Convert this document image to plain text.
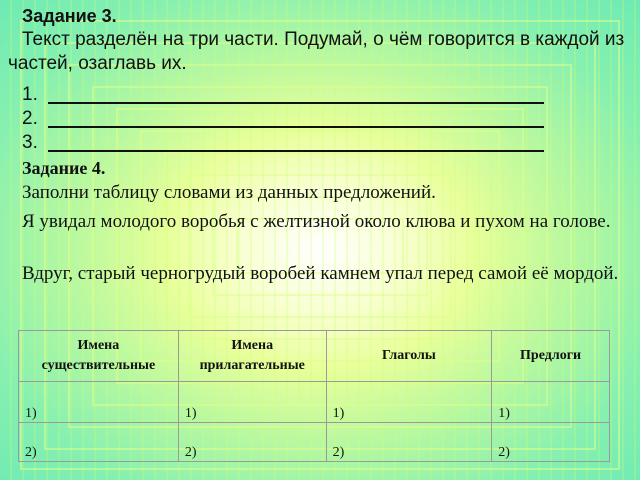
Задание 3.
Текст разделён на три части. Подумай, о чём говорится в каждой из частей, озаглавь их.
1.
2.
3.
Задание 4.
Заполни таблицу словами из данных предложений.
Я увидал молодого воробья с желтизной около клюва и пухом на голове.
Вдруг, старый черногрудый воробей камнем упал перед самой её мордой.
Имена существительные	Имена прилагательные	Глаголы	Предлоги
1)	1)	1)	1)
2)	2)	2)	2)
